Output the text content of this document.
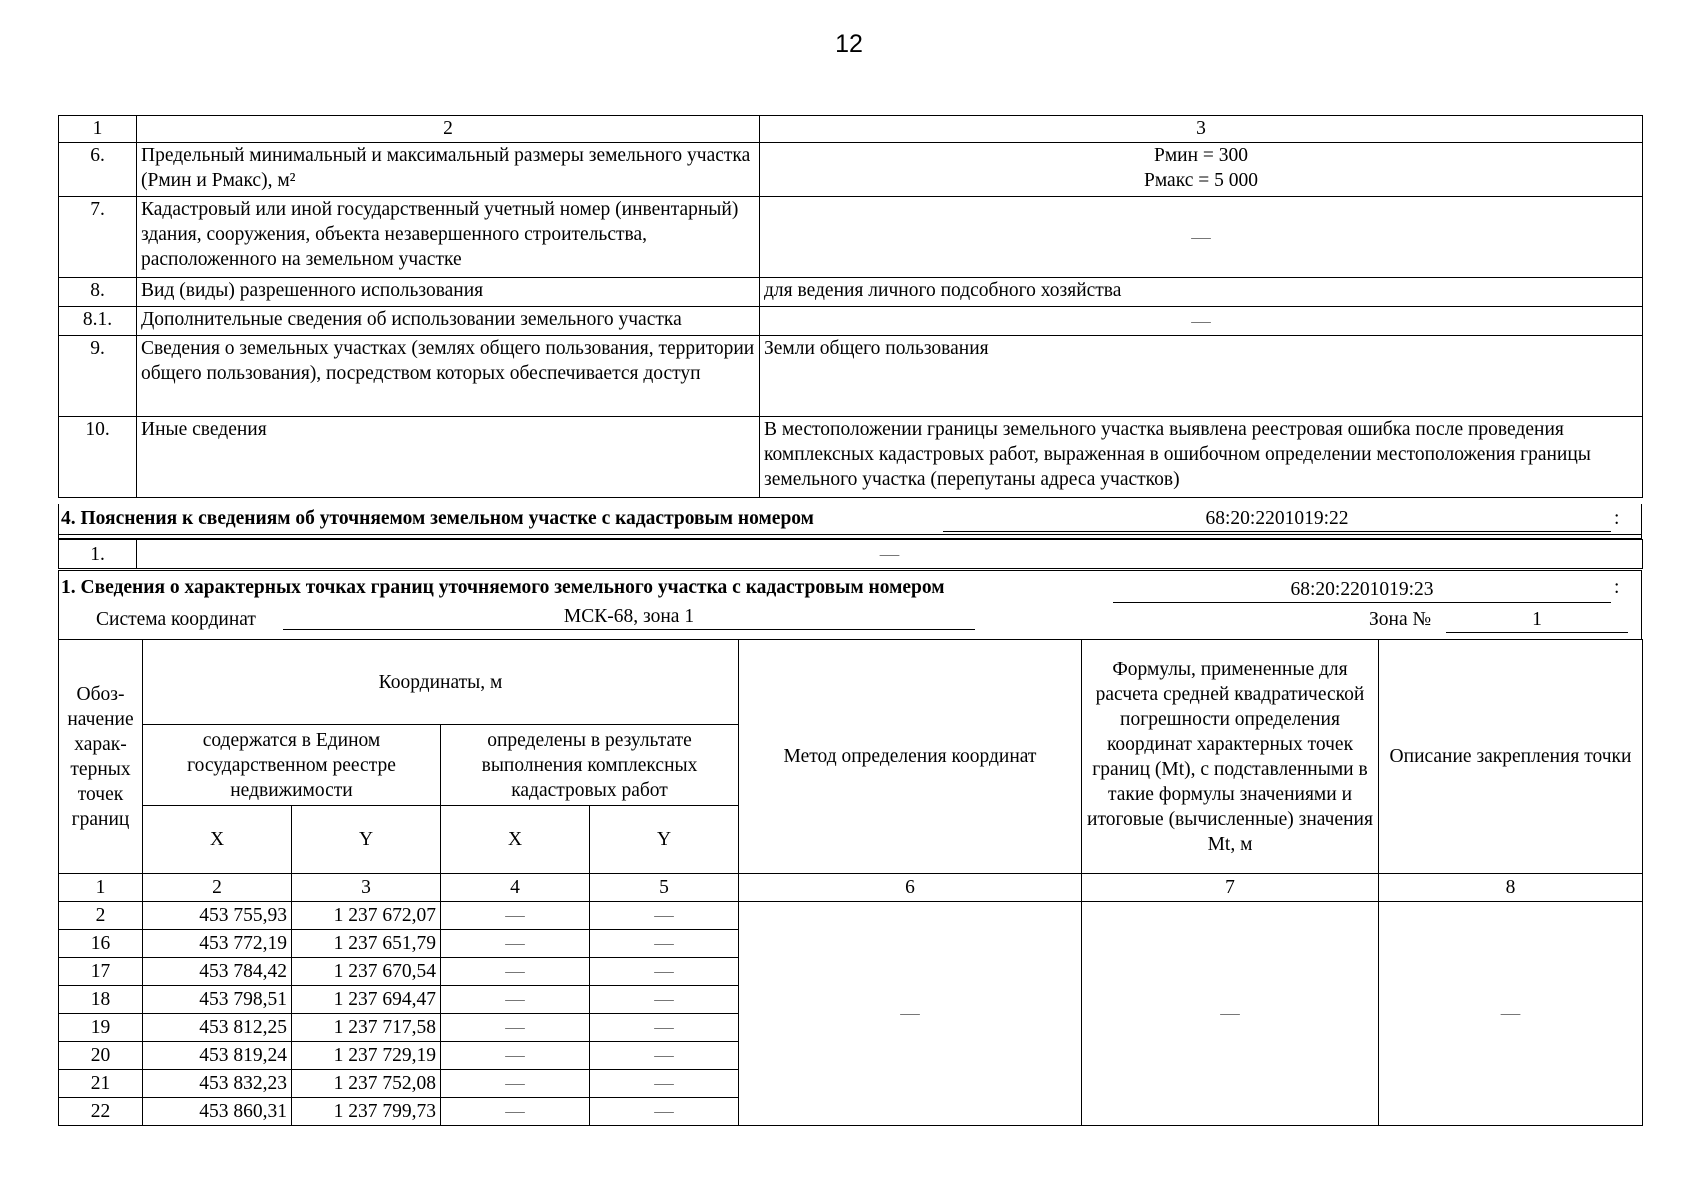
12
1	2	3
6.	Предельный минимальный и максимальный размеры земельного участка (Pмин и Pмакс), м²	Pмин = 300
Pмакс = 5 000

7.	Кадастровый или иной государственный учетный номер (инвентарный) здания, сооружения, объекта незавершенного строительства, расположенного на земельном участке	—
8.	Вид (виды) разрешенного использования	для ведения личного подсобного хозяйства
8.1.	Дополнительные сведения об использовании земельного участка	—
9.	Сведения о земельных участках (землях общего пользования, территории общего пользования), посредством которых обеспечивается доступ	Земли общего пользования
10.	Иные сведения	В местоположении границы земельного участка выявлена реестровая ошибка после проведения комплексных кадастровых работ, выраженная в ошибочном определении местоположения границы земельного участка (перепутаны адреса участков)
4. Пояснения к сведениям об уточняемом земельном участке с кадастровым номером	68:20:2201019:22	:
1.	—
1. Сведения о характерных точках границ уточняемого земельного участка с кадастровым номером	68:20:2201019:23	:
Система координат	МСК-68, зона 1	Зона №	1
Обоз-начение харак-терных точек границ	Координаты, м				Метод определения координат	Формулы, примененные для расчета средней квадратической погрешности определения координат характерных точек границ (Mt), с подставленными в такие формулы значениями и итоговые (вычисленные) значения Mt, м	Описание закрепления точки
	содержатся в Едином государственном реестре недвижимости		определены в результате выполнения комплексных кадастровых работ				
	X	Y	X	Y			
1	2	3	4	5	6	7	8
2	453 755,93	1 237 672,07	—	—	—	—	—
16	453 772,19	1 237 651,79	—	—			
17	453 784,42	1 237 670,54	—	—			
18	453 798,51	1 237 694,47	—	—			
19	453 812,25	1 237 717,58	—	—			
20	453 819,24	1 237 729,19	—	—			
21	453 832,23	1 237 752,08	—	—			
22	453 860,31	1 237 799,73	—	—			
